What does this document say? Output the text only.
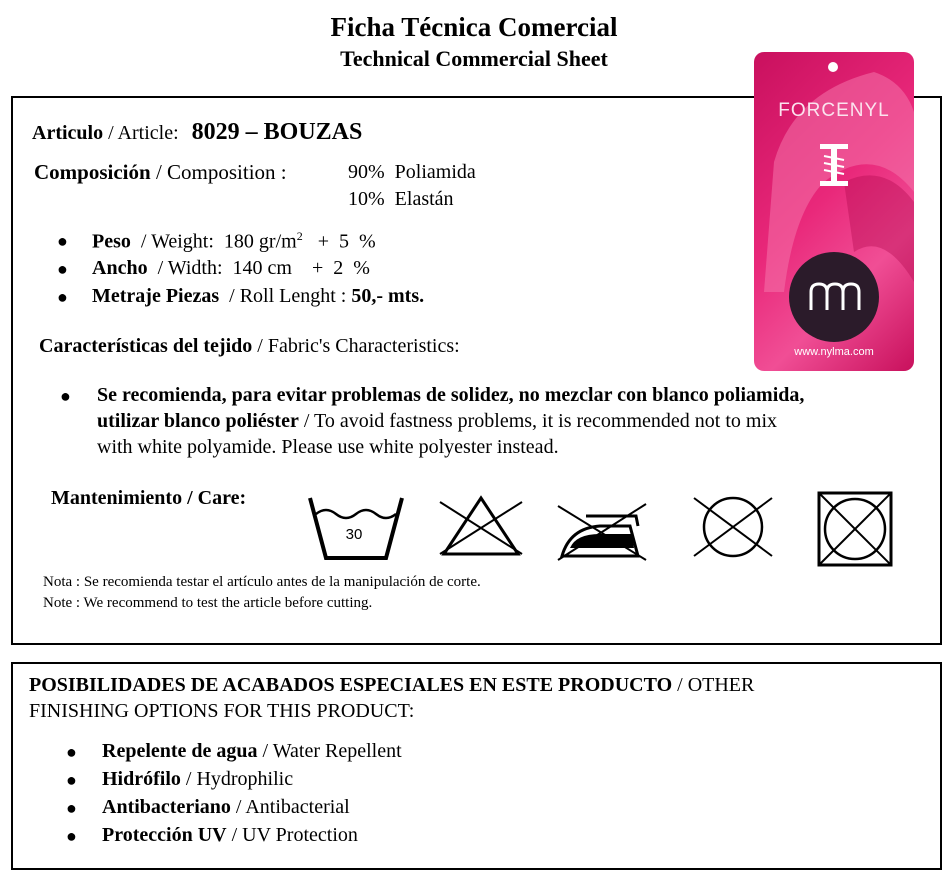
Ficha Técnica Comercial
Technical Commercial Sheet
Articulo / Article: 8029 – BOUZAS
Composición / Composition :	90% Poliamida
10% Elastán
● Peso / Weight: 180 $gr/m^2 + 5$  %
● Ancho / Width: 140 cm +  2  %
● Metraje Piezas / Roll Lenght : 50,- mts.
Características del tejido / Fabric's Characteristics:
● Se recomienda, para evitar problemas de solidez, no mezclar con blanco poliamida,
utilizar blanco poliéster / To avoid fastness problems, it is recommended not to mix
with white polyamide. Please use white polyester instead.
Mantenimiento / Care:
30
Nota : Se recomienda testar el artículo antes de la manipulación de corte.
Note : We recommend to test the article before cutting.
FORCENYL
www.nylma.com
POSIBILIDADES DE ACABADOS ESPECIALES EN ESTE PRODUCTO / OTHER
FINISHING OPTIONS FOR THIS PRODUCT:
● Repelente de agua / Water Repellent
● Hidrófilo / Hydrophilic
● Antibacteriano / Antibacterial
● Protección UV / UV Protection
